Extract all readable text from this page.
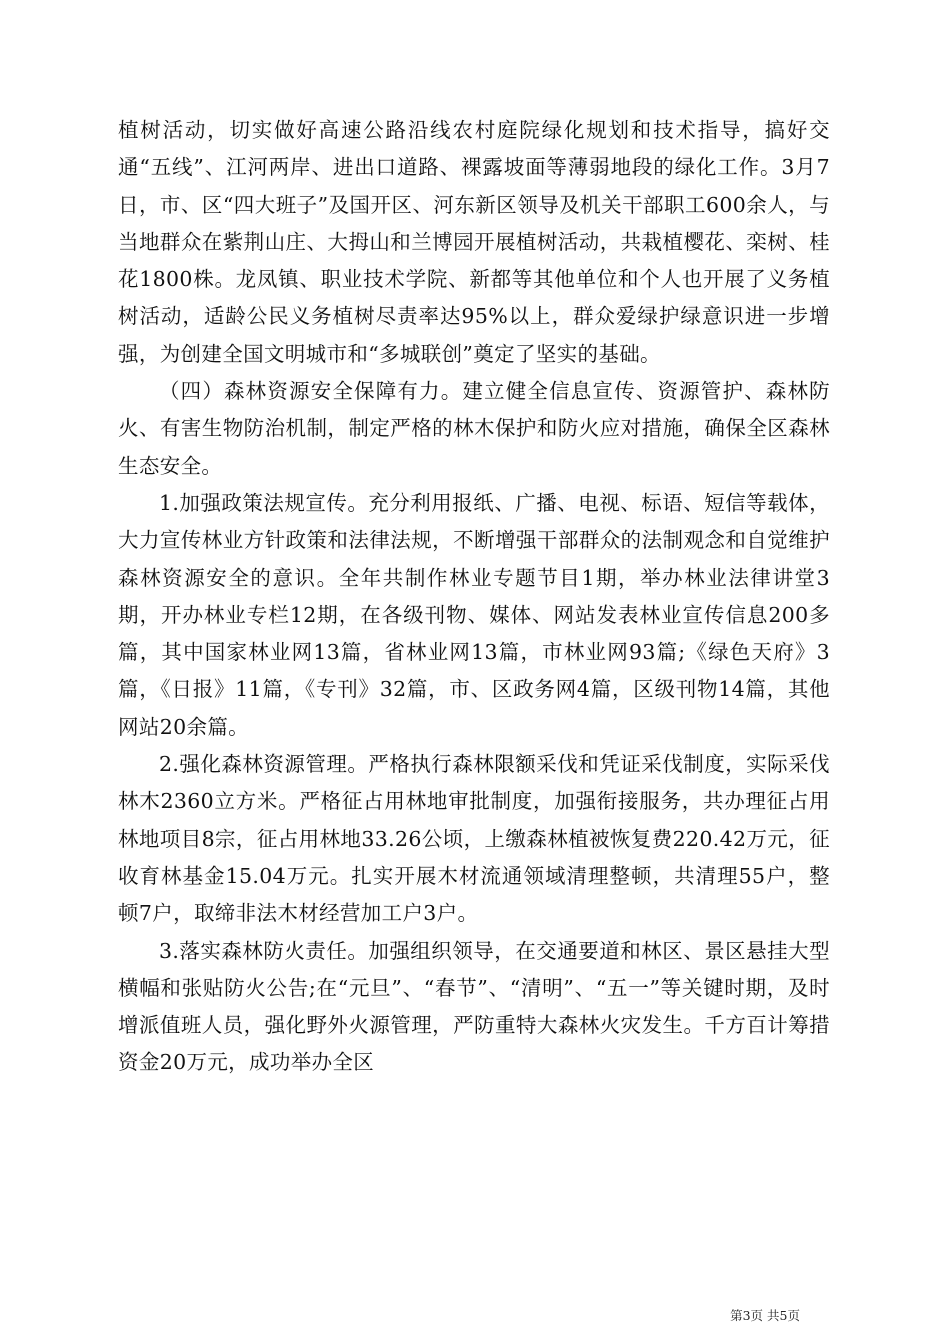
植树活动，切实做好高速公路沿线农村庭院绿化规划和技术指导，搞好交通“五线”、江河两岸、进出口道路、裸露坡面等薄弱地段的绿化工作。3月7日，市、区“四大班子”及国开区、河东新区领导及机关干部职工600余人，与当地群众在紫荆山庄、大拇山和兰博园开展植树活动，共栽植樱花、栾树、桂花1800株。龙凤镇、职业技术学院、新都等其他单位和个人也开展了义务植树活动，适龄公民义务植树尽责率达95%以上，群众爱绿护绿意识进一步增强，为创建全国文明城市和“多城联创”奠定了坚实的基础。

（四）森林资源安全保障有力。建立健全信息宣传、资源管护、森林防火、有害生物防治机制，制定严格的林木保护和防火应对措施，确保全区森林生态安全。

1.加强政策法规宣传。充分利用报纸、广播、电视、标语、短信等载体，大力宣传林业方针政策和法律法规，不断增强干部群众的法制观念和自觉维护森林资源安全的意识。全年共制作林业专题节目1期，举办林业法律讲堂3期，开办林业专栏12期，在各级刊物、媒体、网站发表林业宣传信息200多篇，其中国家林业网13篇，省林业网13篇，市林业网93篇;《绿色天府》3篇，《日报》11篇，《专刊》32篇，市、区政务网4篇，区级刊物14篇，其他网站20余篇。

2.强化森林资源管理。严格执行森林限额采伐和凭证采伐制度，实际采伐林木2360立方米。严格征占用林地审批制度，加强衔接服务，共办理征占用林地项目8宗，征占用林地33.26公顷，上缴森林植被恢复费220.42万元，征收育林基金15.04万元。扎实开展木材流通领域清理整顿，共清理55户，整顿7户，取缔非法木材经营加工户3户。

3.落实森林防火责任。加强组织领导，在交通要道和林区、景区悬挂大型横幅和张贴防火公告;在“元旦”、“春节”、“清明”、“五一”等关键时期，及时增派值班人员，强化野外火源管理，严防重特大森林火灾发生。千方百计筹措资金20万元，成功举办全区

第3页 共5页
